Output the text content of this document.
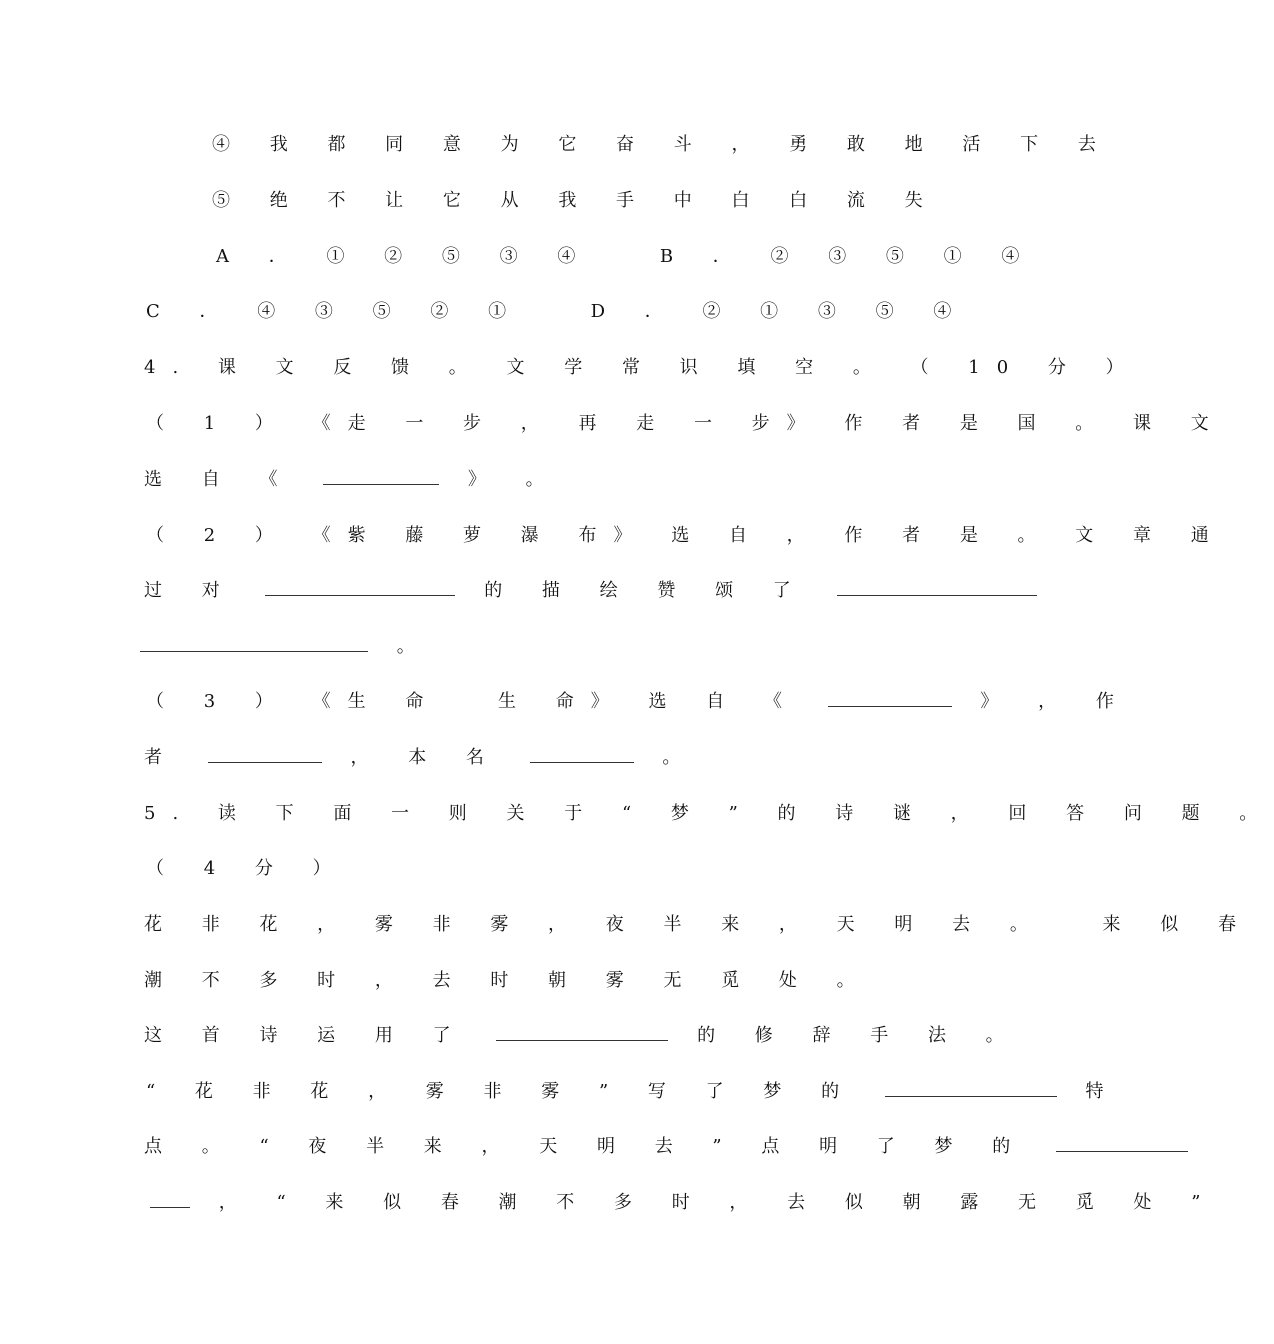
④ 我 都 同 意 为 它 奋 斗 ， 勇 敢 地 活 下 去
⑤ 绝 不 让 它 从 我 手 中 白 白 流 失
A ． ① ② ⑤ ③ ④	B ． ② ③ ⑤ ① ④
C ． ④ ③ ⑤ ② ①	D ． ② ① ③ ⑤ ④
4. 课 文 反 馈 。 文 学 常 识 填 空 。 （ 10 分 ）
（ 1 ） 《走 一 步 ， 再 走 一 步》 作 者 是 国 。 课 文
选 自 《	》 。
（ 2 ） 《紫 藤 萝 瀑 布》 选 自 ， 作 者 是 。 文 章 通
过 对	的 描 绘 赞 颂 了
。
（ 3 ） 《生 命 　生 命》 选 自 《	》 ， 作
者	， 本 名	。
5. 读 下 面 一 则 关 于 “ 梦 ” 的 诗 谜 ， 回 答 问 题 。
（ 4 分 ）
花 非 花 ， 雾 非 雾 ， 夜 半 来 ， 天 明 去 。 　来 似 春
潮 不 多 时 ， 去 时 朝 雾 无 觅 处 。
这 首 诗 运 用 了	的 修 辞 手 法 。
“ 花 非 花 ， 雾 非 雾 ” 写 了 梦 的	特
点 。 “ 夜 半 来 ， 天 明 去 ” 点 明 了 梦 的
， “ 来 似 春 潮 不 多 时 ， 去 似 朝 露 无 觅 处 ”
